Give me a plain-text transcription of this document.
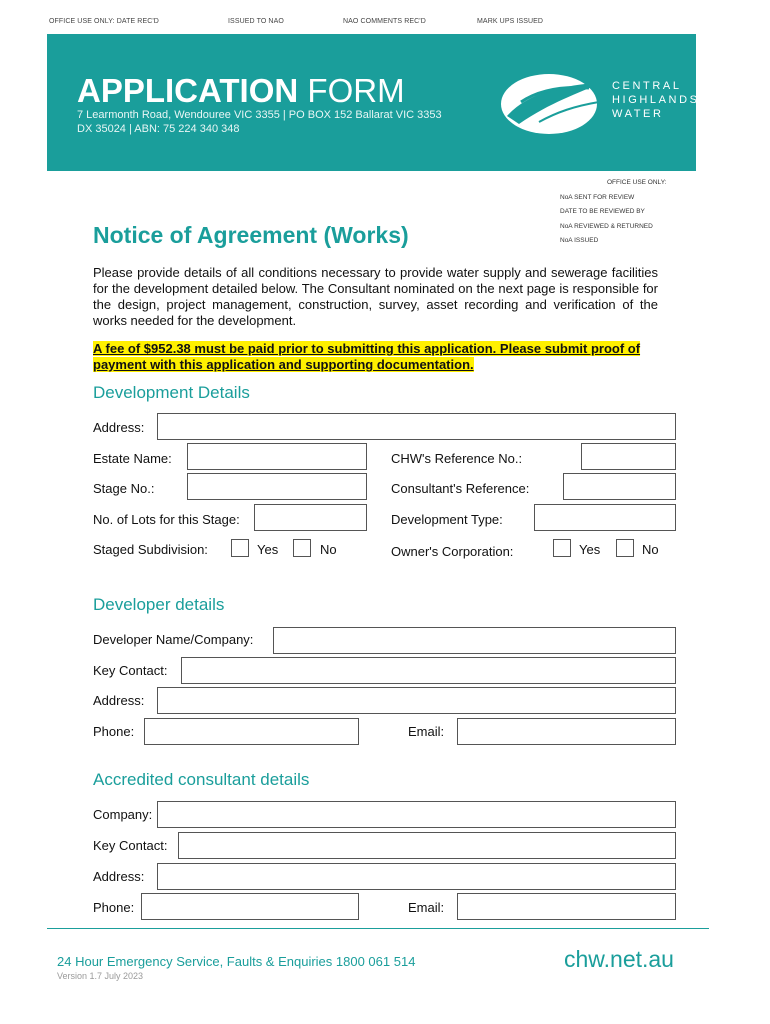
OFFICE USE ONLY: DATE REC'D	ISSUED TO NAO	NAO COMMENTS REC'D	MARK UPS ISSUED
APPLICATION FORM
7 Learmonth Road, Wendouree VIC 3355 | PO BOX 152 Ballarat VIC 3353
DX 35024 | ABN: 75 224 340 348
CENTRAL
HIGHLANDS
WATER
OFFICE USE ONLY:
NoA SENT FOR REVIEW
DATE TO BE REVIEWED BY
NoA REVIEWED & RETURNED
NoA ISSUED
Notice of Agreement (Works)
Please provide details of all conditions necessary to provide water supply and sewerage facilities for the development detailed below. The Consultant nominated on the next page is responsible for the design, project management, construction, survey, asset recording and verification of the works needed for the development.
A fee of $952.38 must be paid prior to submitting this application. Please submit proof of payment with this application and supporting documentation.
Development Details
Address:
Estate Name:	CHW's Reference No.:
Stage No.:	Consultant's Reference:
No. of Lots for this Stage:	Development Type:
Staged Subdivision:	Yes	No	Owner's Corporation:	Yes	No
Developer details
Developer Name/Company:
Key Contact:
Address:
Phone:	Email:
Accredited consultant details
Company:
Key Contact:
Address:
Phone:	Email:
24 Hour Emergency Service, Faults & Enquiries 1800 061 514
Version 1.7 July 2023
chw.net.au
